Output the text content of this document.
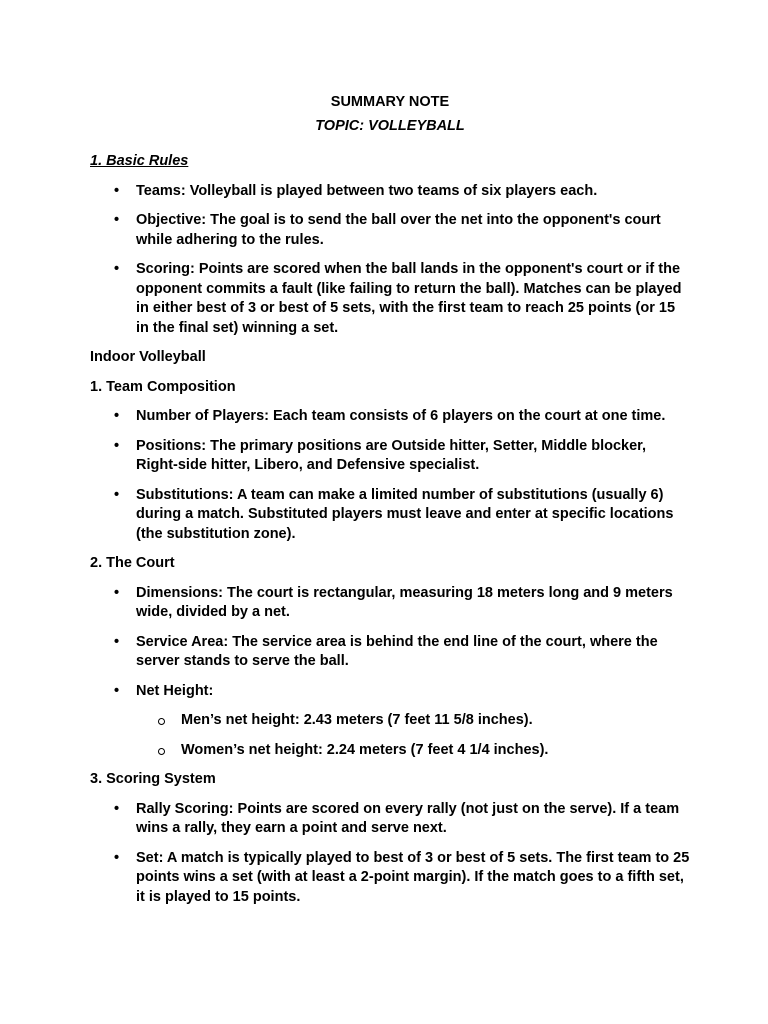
SUMMARY NOTE
TOPIC: VOLLEYBALL
1. Basic Rules
• Teams: Volleyball is played between two teams of six players each.
• Objective: The goal is to send the ball over the net into the opponent's court while adhering to the rules.
• Scoring: Points are scored when the ball lands in the opponent's court or if the opponent commits a fault (like failing to return the ball). Matches can be played in either best of 3 or best of 5 sets, with the first team to reach 25 points (or 15 in the final set) winning a set.
Indoor Volleyball
1. Team Composition
• Number of Players: Each team consists of 6 players on the court at one time.
• Positions: The primary positions are Outside hitter, Setter, Middle blocker, Right-side hitter, Libero, and Defensive specialist.
• Substitutions: A team can make a limited number of substitutions (usually 6) during a match. Substituted players must leave and enter at specific locations (the substitution zone).
2. The Court
• Dimensions: The court is rectangular, measuring 18 meters long and 9 meters wide, divided by a net.
• Service Area: The service area is behind the end line of the court, where the server stands to serve the ball.
• Net Height:
Men’s net height: 2.43 meters (7 feet 11 5/8 inches).
Women’s net height: 2.24 meters (7 feet 4 1/4 inches).
3. Scoring System
• Rally Scoring: Points are scored on every rally (not just on the serve). If a team wins a rally, they earn a point and serve next.
• Set: A match is typically played to best of 3 or best of 5 sets. The first team to 25 points wins a set (with at least a 2-point margin). If the match goes to a fifth set, it is played to 15 points.
